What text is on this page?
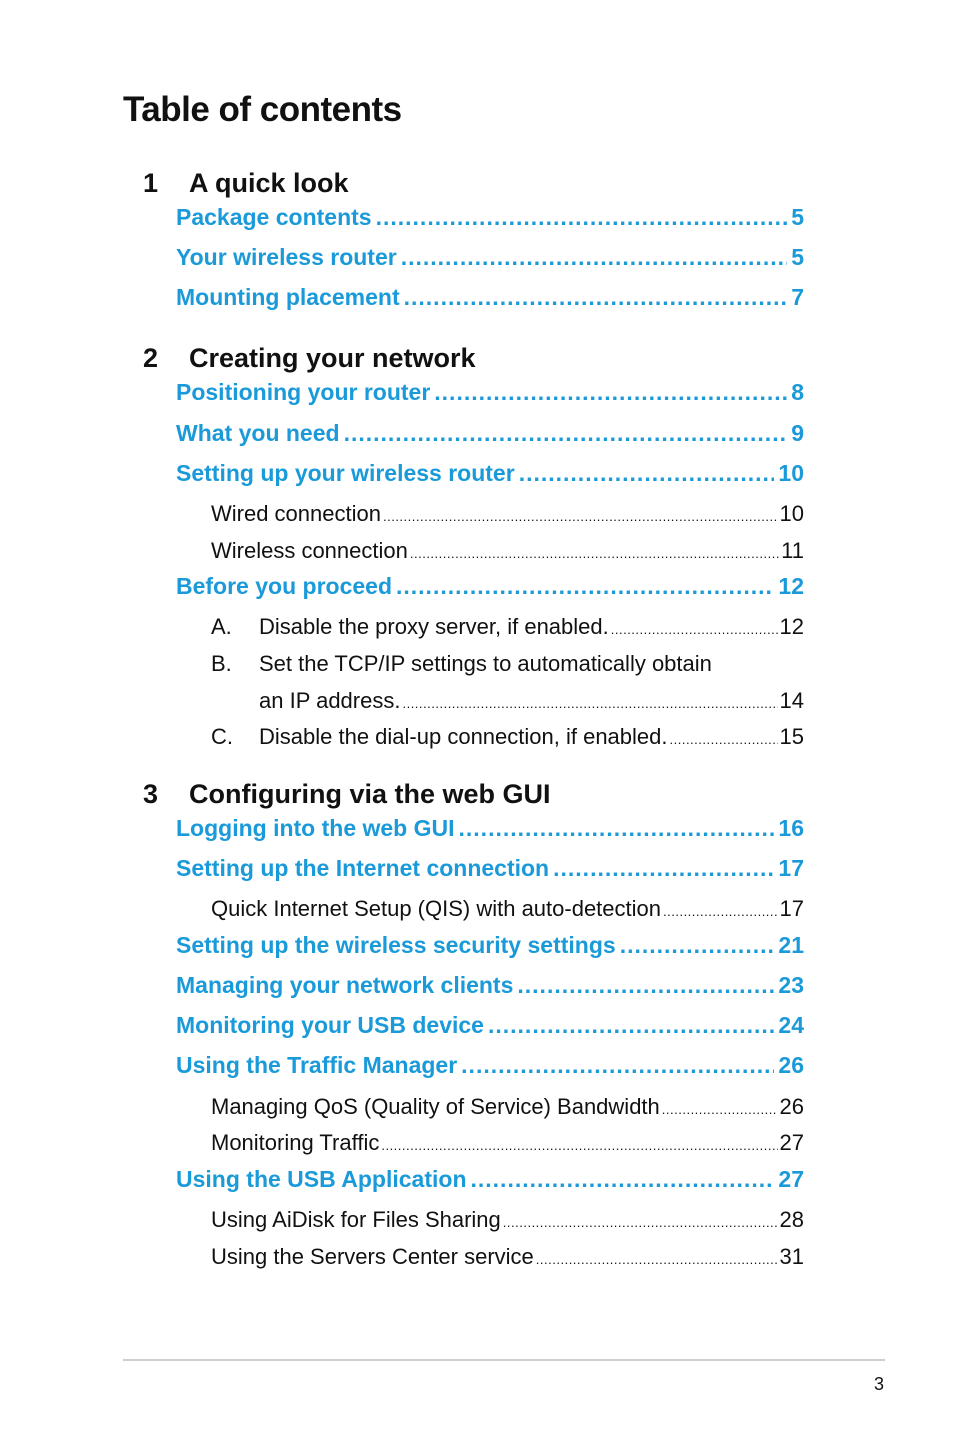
Table of contents
1 A quick look
Package contents .....	5
Your wireless router .....	5
Mounting placement .....	7
2 Creating your network
Positioning your router .....	8
What you need .....	9
Setting up your wireless router .....	10
Wired connection .....	10
Wireless connection .....	11
Before you proceed .....	12
A. Disable the proxy server, if enabled. .....	12
B. Set the TCP/IP settings to automatically obtain
an IP address. .....	14
C. Disable the dial-up connection, if enabled. .....	15
3 Configuring via the web GUI
Logging into the web GUI .....	16
Setting up the Internet connection .....	17
Quick Internet Setup (QIS) with auto-detection .....	17
Setting up the wireless security settings .....	21
Managing your network clients .....	23
Monitoring your USB device .....	24
Using the Traffic Manager .....	26
Managing QoS (Quality of Service) Bandwidth .....	26
Monitoring Traffic .....	27
Using the USB Application .....	27
Using AiDisk for Files Sharing .....	28
Using the Servers Center service .....	31
3
